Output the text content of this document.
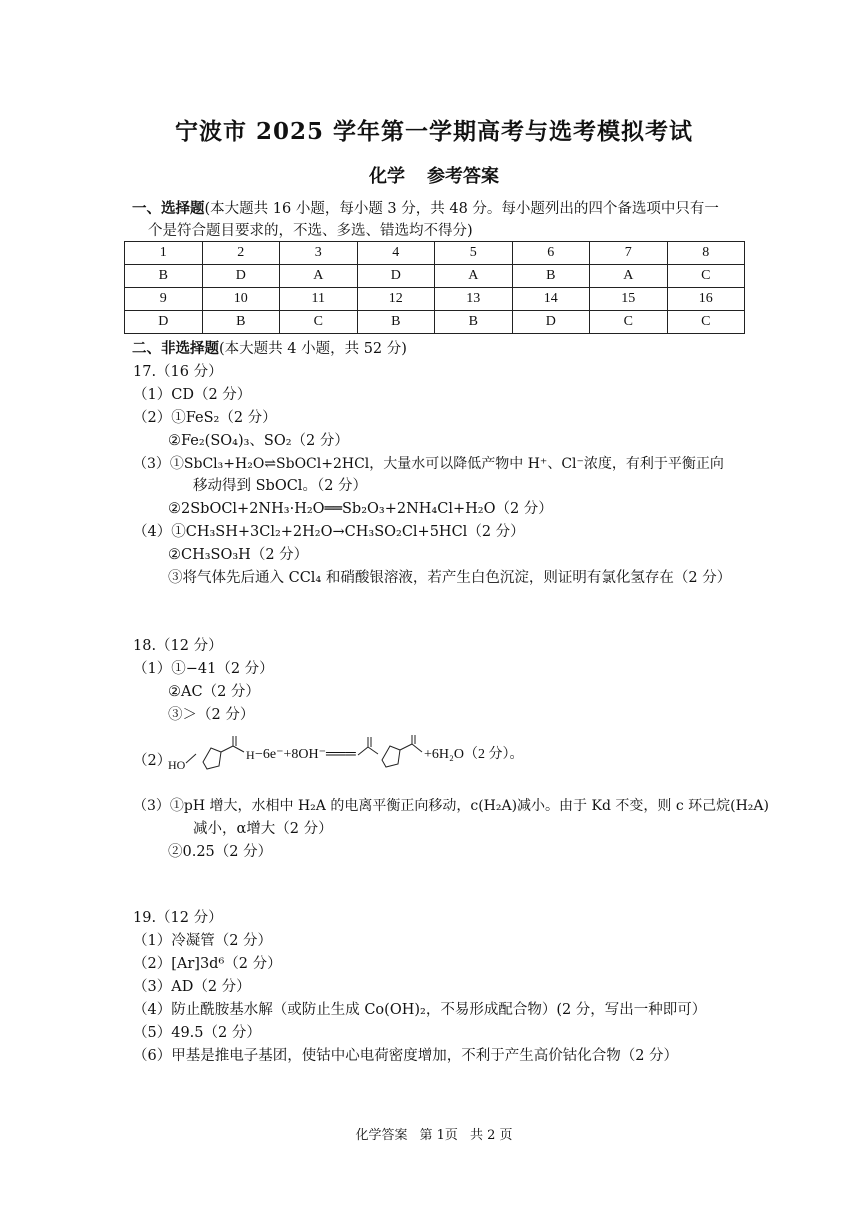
宁波市 2025 学年第一学期高考与选考模拟考试
化学 参考答案
一、选择题(本大题共 16 小题，每小题 3 分，共 48 分。每小题列出的四个备选项中只有一
个是符合题目要求的，不选、多选、错选均不得分)
1	2	3	4	5	6	7	8
B	D	A	D	A	B	A	C
9	10	11	12	13	14	15	16
D	B	C	B	B	D	C	C
二、非选择题(本大题共 4 小题，共 52 分)
17.（16 分）
（1）CD（2 分）
（2）①FeS₂（2 分）
②Fe₂(SO₄)₃、SO₂（2 分）
（3）①SbCl₃+H₂O⇌SbOCl+2HCl，大量水可以降低产物中 H⁺、Cl⁻浓度，有利于平衡正向
移动得到 SbOCl。（2 分）
②2SbOCl+2NH₃·H₂O══Sb₂O₃+2NH₄Cl+H₂O（2 分）
（4）①CH₃SH+3Cl₂+2H₂O→CH₃SO₂Cl+5HCl（2 分）
②CH₃SO₃H（2 分）
③将气体先后通入 CCl₄ 和硝酸银溶液，若产生白色沉淀，则证明有氯化氢存在（2 分）
18.（12 分）
（1）①−41（2 分）
②AC（2 分）
③＞（2 分）
（2）
HO
H −6e⁻+8OH⁻═══	+6H₂O（2 分）。
（3）①pH 增大，水相中 H₂A 的电离平衡正向移动，c(H₂A)减小。由于 Kd 不变，则 c 环己烷(H₂A)
减小，α增大（2 分）
②0.25（2 分）
19.（12 分）
（1）冷凝管（2 分）
（2）[Ar]3d⁶（2 分）
（3）AD（2 分）
（4）防止酰胺基水解（或防止生成 Co(OH)₂，不易形成配合物）(2 分，写出一种即可）
（5）49.5（2 分）
（6）甲基是推电子基团，使钴中心电荷密度增加，不利于产生高价钴化合物（2 分）
化学答案 第 1页 共 2 页
